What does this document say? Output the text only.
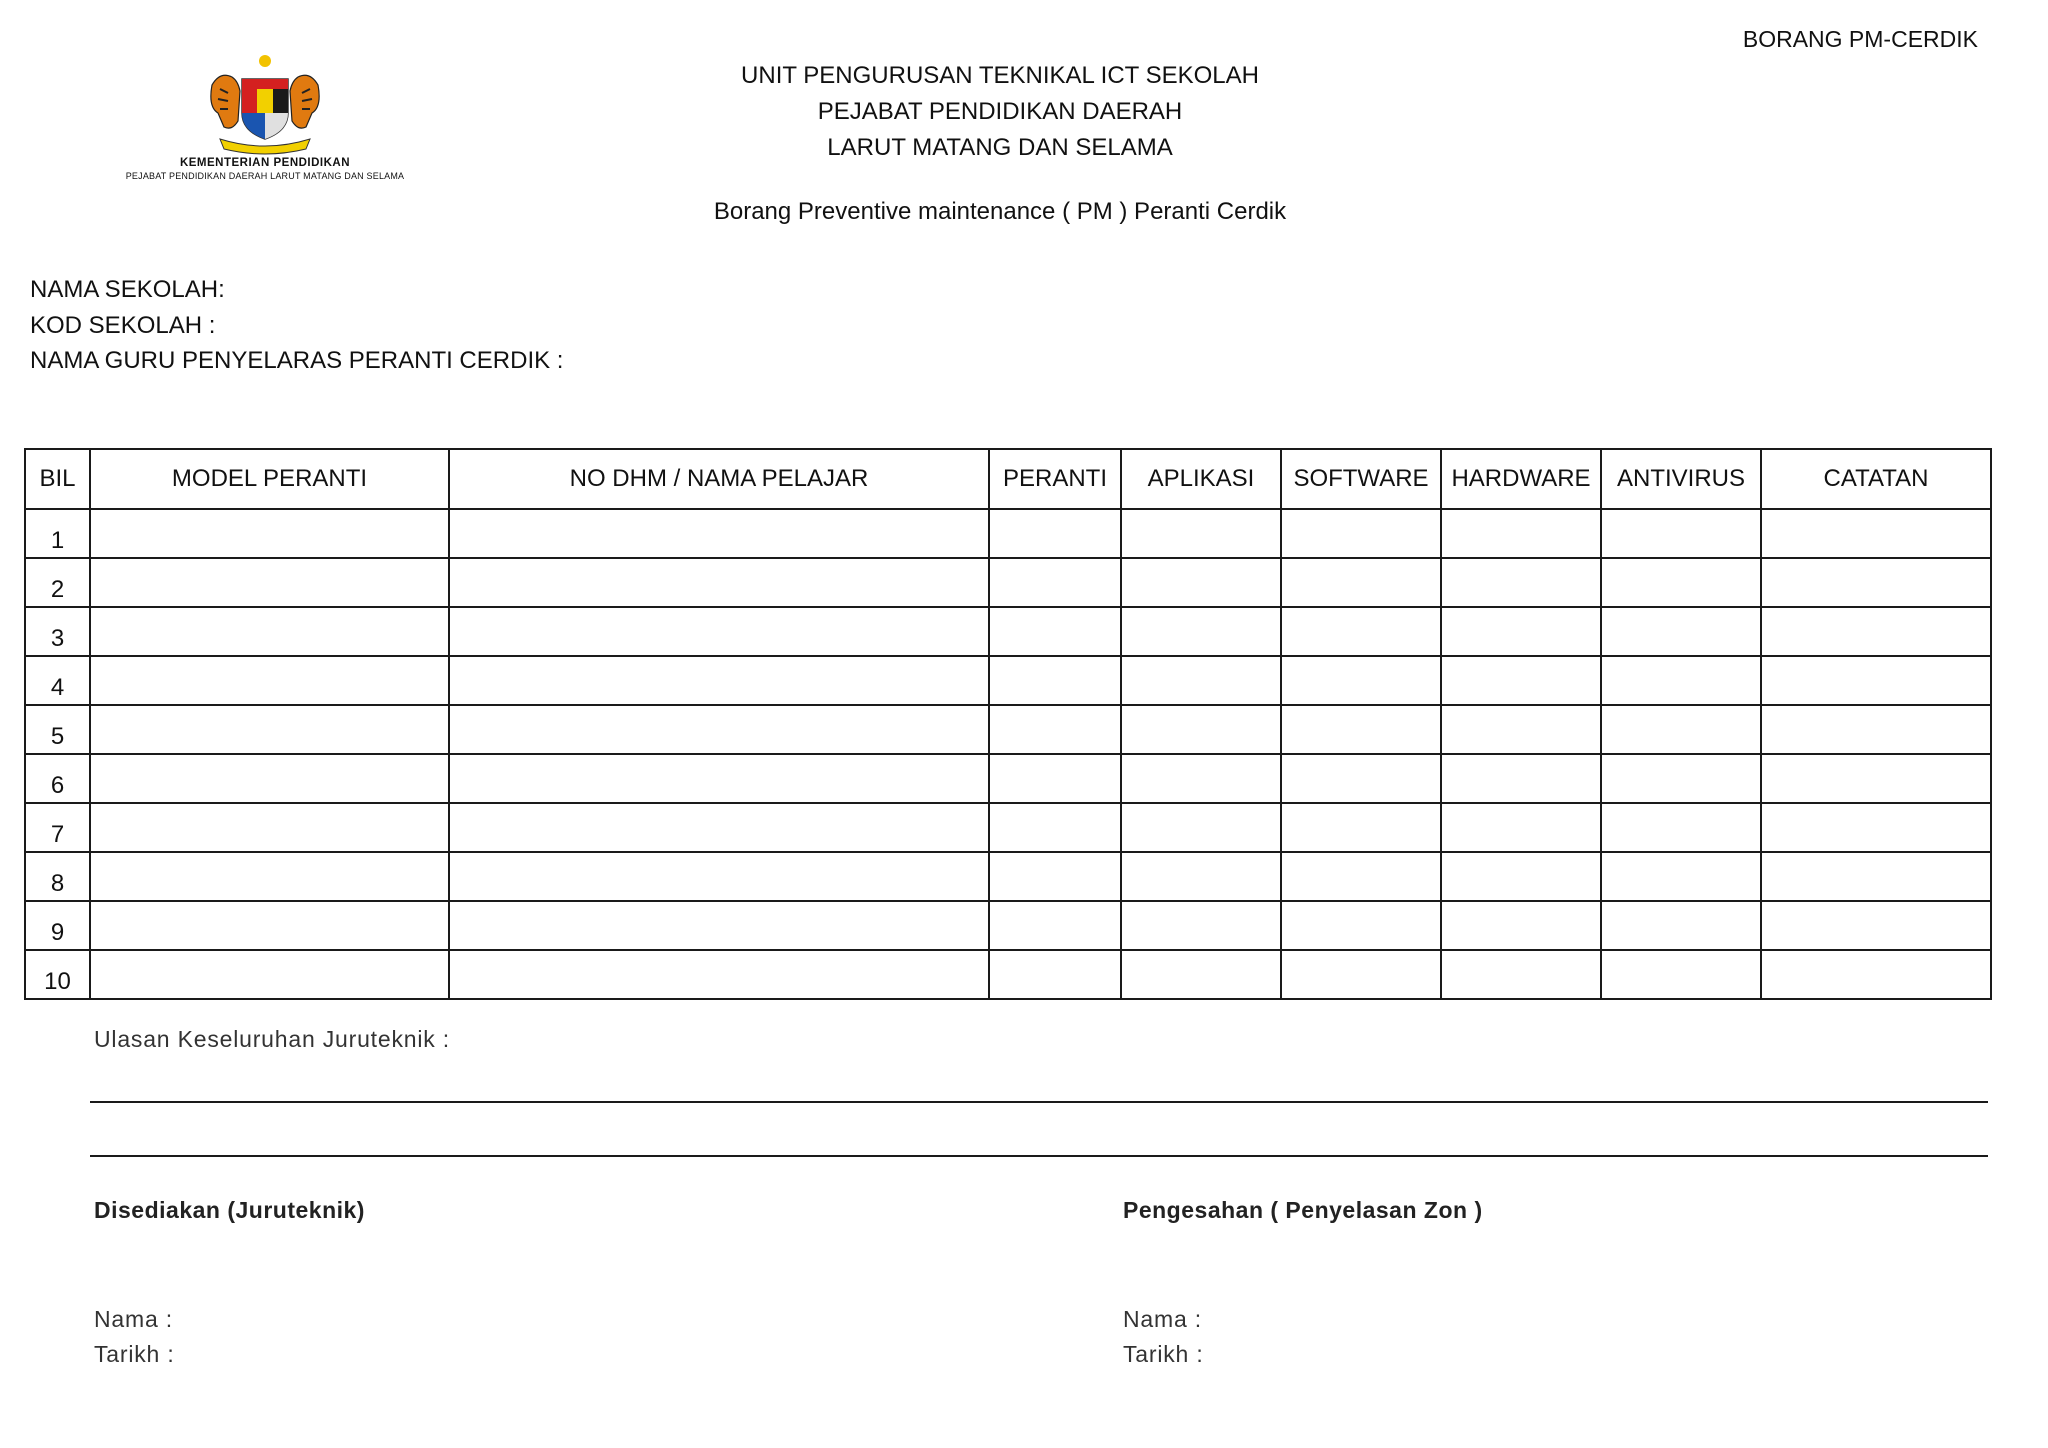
BORANG PM-CERDIK
KEMENTERIAN PENDIDIKAN
PEJABAT PENDIDIKAN DAERAH LARUT MATANG DAN SELAMA
UNIT PENGURUSAN TEKNIKAL ICT SEKOLAH
PEJABAT PENDIDIKAN DAERAH
LARUT MATANG DAN SELAMA
Borang Preventive maintenance ( PM ) Peranti Cerdik
NAMA SEKOLAH:
KOD SEKOLAH :
NAMA GURU PENYELARAS PERANTI CERDIK :
BIL	MODEL PERANTI	NO DHM / NAMA PELAJAR	PERANTI	APLIKASI	SOFTWARE	HARDWARE	ANTIVIRUS	CATATAN
1								
2								
3								
4								
5								
6								
7								
8								
9								
10								
Ulasan Keseluruhan Juruteknik :
Disediakan (Juruteknik)
Nama :
Tarikh :
Pengesahan ( Penyelasan Zon )
Nama :
Tarikh :
